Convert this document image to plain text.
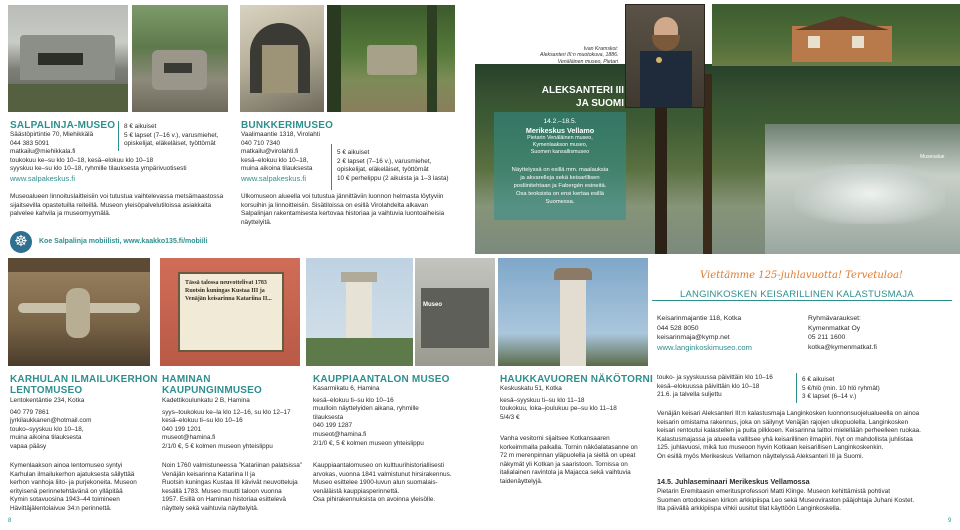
Ivan Kramskoi:
Aleksanteri III:n muotokuva, 1886.
Venäläinen museo, Pietari
ALEKSANTERI III
JA SUOMI
14.2.–18.5.
Merikeskus Vellamo
Pietarin Venäläinen museo,
Kymenlaakson museo,
Suomen kansallismuseo
Näyttelyssä on esillä mm. maalauksia
ja akvarelleja sekä keisarillisen
posliinitehtaan ja Fabergén esineitä.
Osa teoksista on ensi kertaa esillä
Suomessa.
Museoalue
SALPALINJA-MUSEO
Säästöpirtintie 70, Miehikkälä
044 383 5091
matkailu@miehikkala.fi
toukokuu ke–su klo 10–18, kesä–elokuu klo 10–18
syyskuu ke–su klo 10–18, ryhmille tilauksesta ympärivuotisesti
www.salpakeskus.fi
8 € aikuiset
5 € lapset (7–16 v.), varusmiehet,
opiskelijat, eläkeläiset, työttömät
Museoalueen linnoituslaitteisiin voi tutustua vaihtelevassa metsämaastossa sijaitsevilla opastetuilla reiteillä. Museon yleisöpalvelutiloissa asiakkaita palvelee kahvila ja museomyymälä.
☸	Koe Salpalinja mobiilisti, www.kaakko135.fi/mobiili
BUNKKERIMUSEO
Vaalimaantie 1318, Virolahti
040 710 7340
matkailu@virolahti.fi
kesä–elokuu klo 10–18,
muina aikoina tilauksesta
www.salpakeskus.fi
5 € aikuiset
2 € lapset (7–16 v.), varusmiehet,
opiskelijat, eläkeläiset, työttömät
10 € perhelippu (2 aikuista ja 1–3 lasta)
Ulkomuseon alueella voi tutustua jännittäviin luonnon helmasta löytyviin korsuihin ja linnoitteisiin. Sisätiloissa on esillä Virolahdelta alkavan Salpalinjan rakentamisesta kertovaa historiaa ja vaihtuvia luontoaiheisia näyttelyitä.
Tässä talossa neuvottelivat 1783 Ruotsin kuningas Kustaa III ja Venäjän keisarinna Katariina II...
Museo
Viettämme 125-juhlavuotta! Tervetuloa!
LANGINKOSKEN KEISARILLINEN KALASTUSMAJA
Keisarinmajantie 118, Kotka
044 528 8050
keisarinmaja@kymp.net
www.langinkoskimuseo.com
Ryhmävaraukset:
Kymenmatkat Oy
05 211 1600
kotka@kymenmatkat.fi
KARHULAN ILMAILUKERHON
LENTOMUSEO
Lentokentäntie 234, Kotka
040 779 7861
jyrkilaukkanen@hotmail.com
touko–syyskuu klo 10–18,
muina aikoina tilauksesta
vapaa pääsy
Kymenlaakson ainoa lentomuseo syntyi
Karhulan ilmailukerhon ajatuksesta säilyttää
kerhon vanhoja liito- ja purjekoneita. Museon
erityisenä perinnetehtävänä on ylläpitää
Kymin sotavuosina 1943–44 toimineen
Hävittäjälentolaivue 34:n perinnettä.
HAMINAN
KAUPUNGINMUSEO
Kadettikoulunkatu 2 B, Hamina
syys–toukokuu ke–la klo 12–16, su klo 12–17
kesä–elokuu ti–su klo 10–16
040 199 1201
museot@hamina.fi
2/1/0 €, 5 € kolmen museon yhteislippu
Noin 1760 valmistuneessa ”Katariinan palatsissa” Venäjän keisarinna Katariina II ja
Ruotsin kuningas Kustaa III kävivät neuvotteluja kesällä 1783. Museo muutti taloon vuonna
1957. Esillä on Haminan historiaa esittelevä
näyttely sekä vaihtuvia näyttelyitä.
KAUPPIAANTALON MUSEO
Kasarmikatu 6, Hamina
kesä–elokuu ti–su klo 10–16
muulloin näyttelyiden aikana, ryhmille
tilauksesta
040 199 1287
museot@hamina.fi
2/1/0 €, 5 € kolmen museon yhteislippu
Kauppiaantalomuseo on kulttuurihistoriallisesti arvokas, vuonna 1841 valmistunut hirsirakennus. Museo esittelee 1900-luvun alun suomalais-venäläistä kauppiasperinnettä.
Osa pihirakennuksista on avoinna yleisölle.
HAUKKAVUOREN NÄKÖTORNI
Keskuskatu 51, Kotka
kesä–syyskuu ti–su klo 11–18
toukokuu, loka–joulukuu pe–su klo 11–18
5/4/3 €
Vanha vesitorni sijaitsee Kotkansaaren
korkeimmalla paikalla. Tornin näköalatasanne on
72 m merenpinnan yläpuolella ja sieltä on upeat
näkymät yli Kotkan ja saaristoon. Tornissa on
italialainen ravintola ja Majacca sekä vaihtuvia
taidenäyttelyjä.
touko- ja syyskuussa päivittäin klo 10–16
kesä–elokuussa päivittäin klo 10–18
21.6. ja talvella suljettu
6 € aikuiset
5 €/hlö (min. 10 hlö ryhmät)
3 € lapset (6–14 v.)
Venäjän keisari Aleksanteri III:n kalastusmaja Langinkosken luonnonsuojelualueella on ainoa
keisarin omistama rakennus, joka on säilynyt Venäjän rajojen ulkopuolella. Langinkosken
keisari rentoutui kalastellen ja puita pilkkoen. Keisarinna laittoi mielellään perheelleen ruokaa.
Kalastusmajassa ja alueella vallitsee yhä keisarillinen ilmapiiri. Nyt on mahdollista juhlistaa
125. juhlavuosi, mikä tuo museoon hyvin Kotkaan keisarillisen Langinkoskenkin.
On esillä myös Merikeskus Vellamon näyttelyssä Aleksanteri III ja Suomi.
14.5. Juhlaseminaari Merikeskus Vellamossa
Pietarin Eremitaasin emeritusprofessori Matti Klinge. Museon kehittämistä pohtivat
Suomen ortodoksisen kirkon arkkipiispa Leo sekä Museoviraston pääjohtaja Juhani Kostet.
Ilta päivällä arkkipiispa vihkii uusitut tilat käyttöön Langinkoskella.
8	9
